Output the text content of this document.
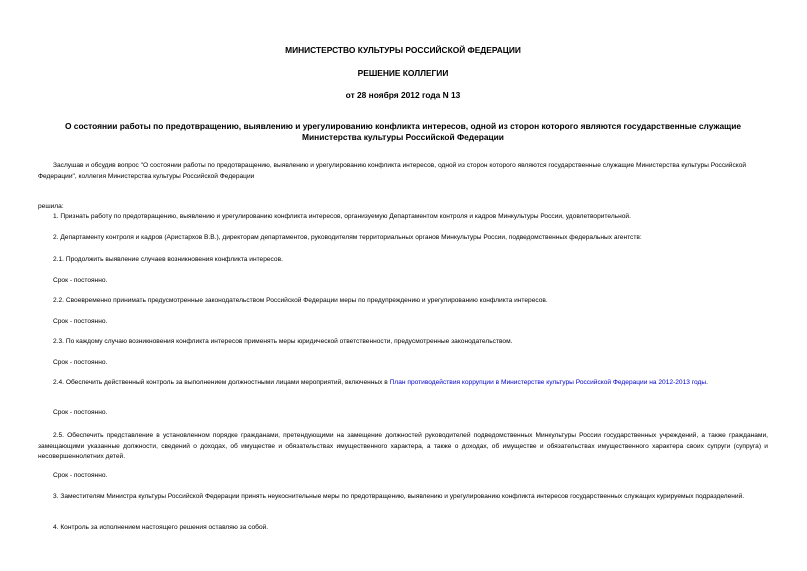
МИНИСТЕРСТВО КУЛЬТУРЫ РОССИЙСКОЙ ФЕДЕРАЦИИ
РЕШЕНИЕ КОЛЛЕГИИ
от 28 ноября 2012 года N 13
О состоянии работы по предотвращению, выявлению и урегулированию конфликта интересов, одной из сторон которого являются государственные служащие Министерства культуры Российской Федерации
Заслушав и обсудив вопрос "О состоянии работы по предотвращению, выявлению и урегулированию конфликта интересов, одной из сторон которого являются государственные служащие Министерства культуры Российской Федерации", коллегия Министерства культуры Российской Федерации
решила:
1. Признать работу по предотвращению, выявлению и урегулированию конфликта интересов, организуемую Департаментом контроля и кадров Минкультуры России, удовлетворительной.
2. Департаменту контроля и кадров (Аристархов В.В.), директорам департаментов, руководителям территориальных органов Минкультуры России, подведомственных федеральных агентств:
2.1. Продолжить выявление случаев возникновения конфликта интересов.
Срок - постоянно.
2.2. Своевременно принимать предусмотренные законодательством Российской Федерации меры по предупреждению и урегулированию конфликта интересов.
Срок - постоянно.
2.3. По каждому случаю возникновения конфликта интересов применять меры юридической ответственности, предусмотренные законодательством.
Срок - постоянно.
2.4. Обеспечить действенный контроль за выполнением должностными лицами мероприятий, включенных в План противодействия коррупции в Министерстве культуры Российской Федерации на 2012-2013 годы.
Срок - постоянно.
2.5. Обеспечить представление в установленном порядке гражданами, претендующими на замещение должностей руководителей подведомственных Минкультуры России государственных учреждений, а также гражданами, замещающими указанные должности, сведений о доходах, об имуществе и обязательствах имущественного характера, а также о доходах, об имуществе и обязательствах имущественного характера своих супруги (супруга) и несовершеннолетних детей.
Срок - постоянно.
3. Заместителям Министра культуры Российской Федерации принять неукоснительные меры по предотвращению, выявлению и урегулированию конфликта интересов государственных служащих курируемых подразделений.
4. Контроль за исполнением настоящего решения оставляю за собой.
